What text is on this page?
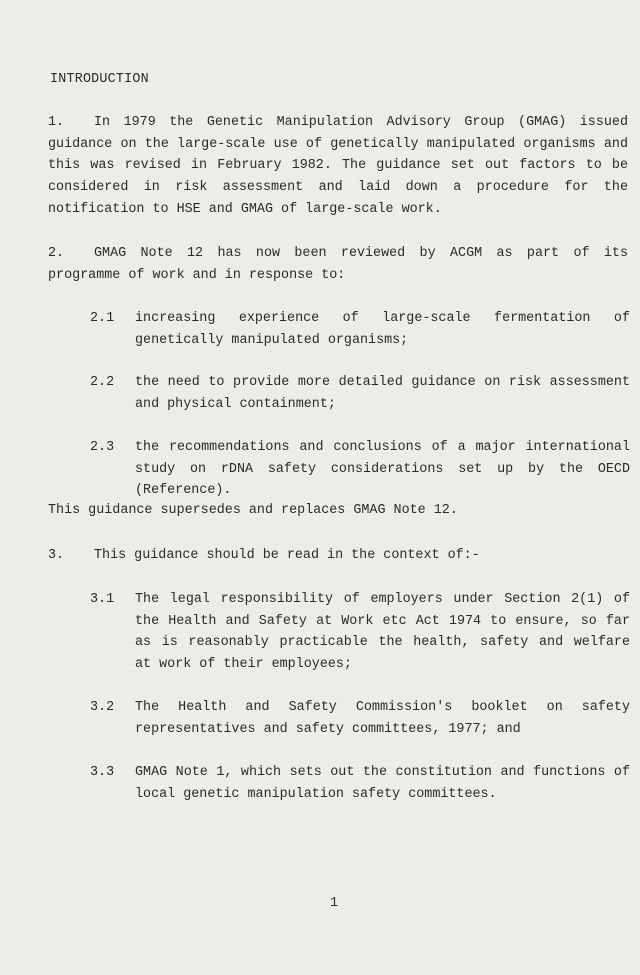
INTRODUCTION
1. In 1979 the Genetic Manipulation Advisory Group (GMAG) issued guidance on the large-scale use of genetically manipulated organisms and this was revised in February 1982. The guidance set out factors to be considered in risk assessment and laid down a procedure for the notification to HSE and GMAG of large-scale work.
2. GMAG Note 12 has now been reviewed by ACGM as part of its programme of work and in response to:
2.1	increasing experience of large-scale fermentation of genetically manipulated organisms;
2.2	the need to provide more detailed guidance on risk assessment and physical containment;
2.3	the recommendations and conclusions of a major international study on rDNA safety considerations set up by the OECD (Reference).
This guidance supersedes and replaces GMAG Note 12.
3. This guidance should be read in the context of:-
3.1	The legal responsibility of employers under Section 2(1) of the Health and Safety at Work etc Act 1974 to ensure, so far as is reasonably practicable the health, safety and welfare at work of their employees;
3.2	The Health and Safety Commission's booklet on safety representatives and safety committees, 1977; and
3.3	GMAG Note 1, which sets out the constitution and functions of local genetic manipulation safety committees.
1
